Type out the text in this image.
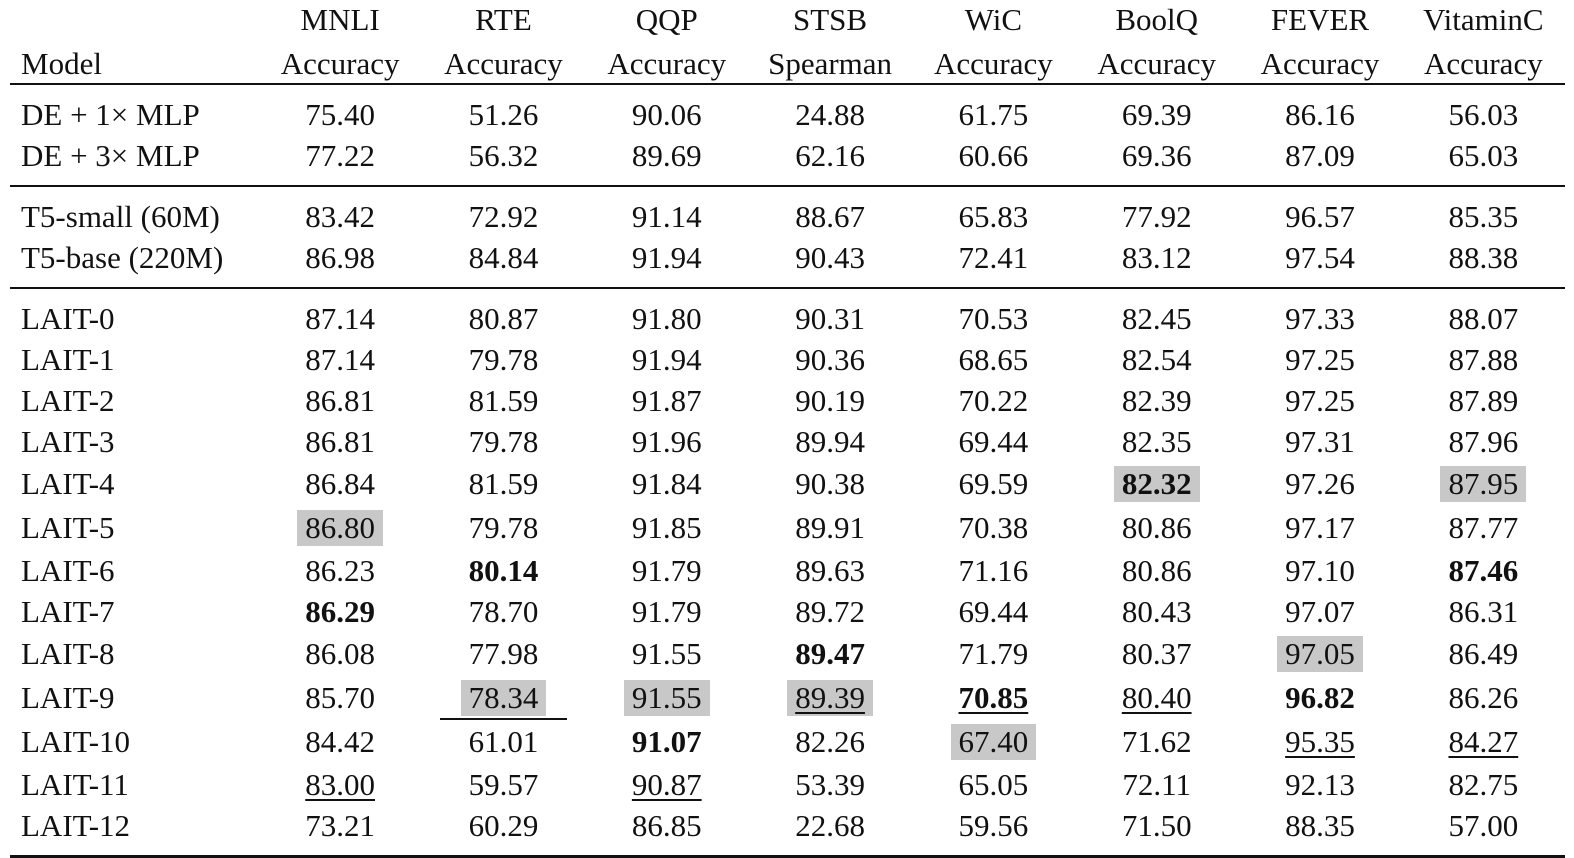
	MNLI	RTE	QQP	STSB	WiC	BoolQ	FEVER	VitaminC
Model	Accuracy	Accuracy	Accuracy	Spearman	Accuracy	Accuracy	Accuracy	Accuracy
DE + 1× MLP	75.40	51.26	90.06	24.88	61.75	69.39	86.16	56.03
DE + 3× MLP	77.22	56.32	89.69	62.16	60.66	69.36	87.09	65.03
T5-small (60M)	83.42	72.92	91.14	88.67	65.83	77.92	96.57	85.35
T5-base (220M)	86.98	84.84	91.94	90.43	72.41	83.12	97.54	88.38
LAIT-0	87.14	80.87	91.80	90.31	70.53	82.45	97.33	88.07
LAIT-1	87.14	79.78	91.94	90.36	68.65	82.54	97.25	87.88
LAIT-2	86.81	81.59	91.87	90.19	70.22	82.39	97.25	87.89
LAIT-3	86.81	79.78	91.96	89.94	69.44	82.35	97.31	87.96
LAIT-4	86.84	81.59	91.84	90.38	69.59	82.32	97.26	87.95
LAIT-5	86.80	79.78	91.85	89.91	70.38	80.86	97.17	87.77
LAIT-6	86.23	80.14	91.79	89.63	71.16	80.86	97.10	87.46
LAIT-7	86.29	78.70	91.79	89.72	69.44	80.43	97.07	86.31
LAIT-8	86.08	77.98	91.55	89.47	71.79	80.37	97.05	86.49
LAIT-9	85.70	78.34	91.55	89.39	70.85	80.40	96.82	86.26
LAIT-10	84.42	61.01	91.07	82.26	67.40	71.62	95.35	84.27
LAIT-11	83.00	59.57	90.87	53.39	65.05	72.11	92.13	82.75
LAIT-12	73.21	60.29	86.85	22.68	59.56	71.50	88.35	57.00
